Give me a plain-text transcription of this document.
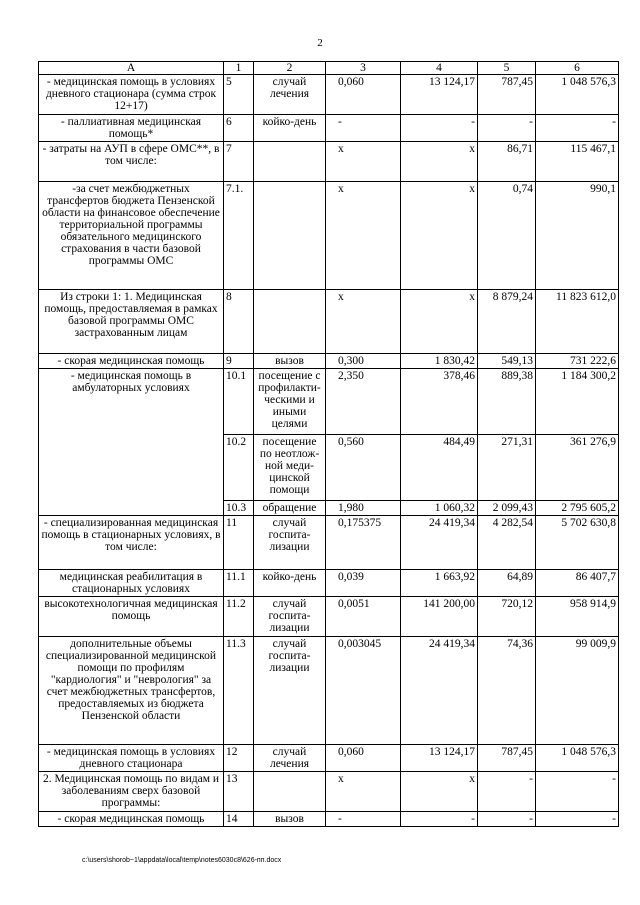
2
А	1	2	3	4	5	6
- медицинская помощь в условиях дневного стационара (сумма строк 12+17)	5	случай лечения	0,060	13 124,17	787,45	1 048 576,3
- паллиативная медицинская помощь*	6	койко-день	-	-	-	-
- затраты на АУП в сфере ОМС**, в том числе:	7		x	x	86,71	115 467,1
-за счет межбюджетных трансфертов бюджета Пензенской области на финансовое обеспечение территориальной программы обязательного медицинского страхования в части базовой программы ОМС	7.1.		x	x	0,74	990,1
Из строки 1: 1. Медицинская помощь, предоставляемая в рамках базовой программы ОМС застрахованным лицам	8		x	x	8 879,24	11 823 612,0
- скорая медицинская помощь	9	вызов	0,300	1 830,42	549,13	731 222,6
- медицинская помощь в амбулаторных условиях	10.1	посещение с профилакти-ческими и иными целями	2,350	378,46	889,38	1 184 300,2
	10.2	посещение по неотлож-ной меди-цинской помощи	0,560	484,49	271,31	361 276,9
	10.3	обращение	1,980	1 060,32	2 099,43	2 795 605,2
- специализированная медицинская помощь в стационарных условиях, в том числе:	11	случай госпита-лизации	0,175375	24 419,34	4 282,54	5 702 630,8
медицинская реабилитация в стационарных условиях	11.1	койко-день	0,039	1 663,92	64,89	86 407,7
высокотехнологичная медицинская помощь	11.2	случай госпита-лизации	0,0051	141 200,00	720,12	958 914,9
дополнительные объемы специализированной медицинской помощи по профилям "кардиология" и "неврология" за счет межбюджетных трансфертов, предоставляемых из бюджета Пензенской области	11.3	случай госпита-лизации	0,003045	24 419,34	74,36	99 009,9
- медицинская помощь в условиях дневного стационара	12	случай лечения	0,060	13 124,17	787,45	1 048 576,3
2. Медицинская помощь по видам и заболеваниям сверх базовой программы:	13		x	x	-	-
- скорая медицинская помощь	14	вызов	-	-	-	-
c:\users\shorob~1\appdata\local\temp\notes6030c8\626-пп.docx
